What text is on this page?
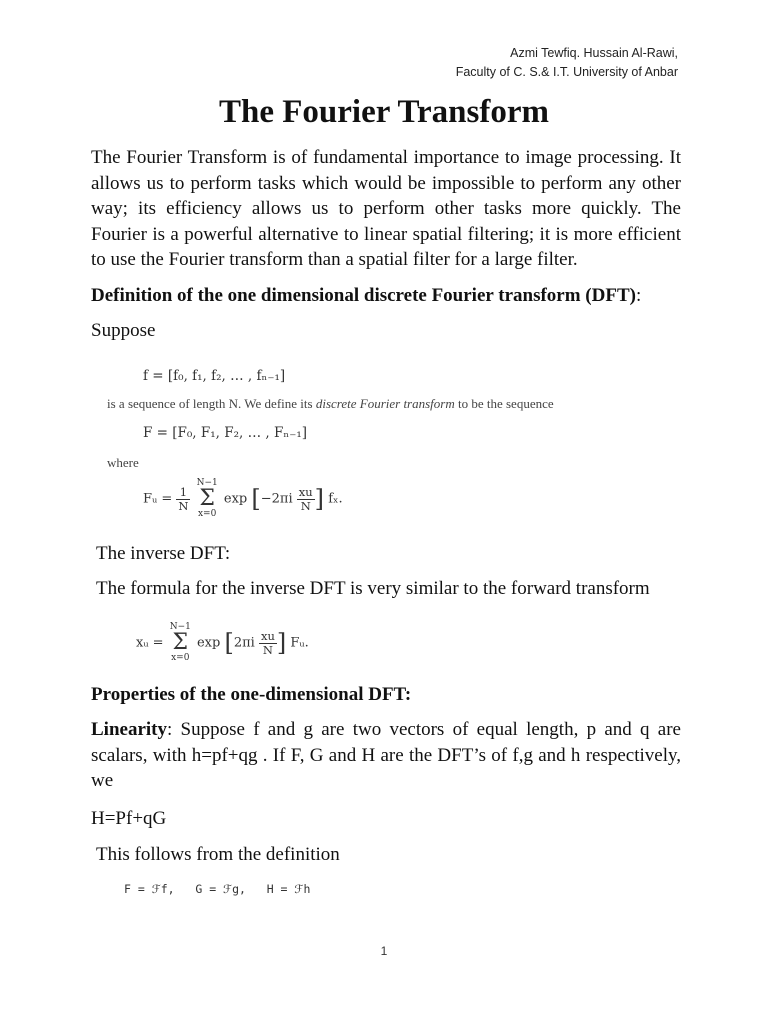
Azmi Tewfiq. Hussain Al-Rawi,
Faculty of C. S.& I.T. University of Anbar
The Fourier Transform

The Fourier Transform is of fundamental importance to image processing. It allows us to perform tasks which would be impossible to perform any other way; its efficiency allows us to perform other tasks more quickly. The Fourier is a powerful alternative to linear spatial filtering; it is more efficient to use the Fourier transform than a spatial filter for a large filter.

Definition of the one dimensional discrete Fourier transform (DFT):

Suppose

f = [f₀, f₁, f₂, … , fₙ₋₁]
is a sequence of length N. We define its discrete Fourier transform to be the sequence
F = [F₀, F₁, F₂, … , Fₙ₋₁]
where
Fᵤ = $\frac{1}{N}$
N−1
Σ
x=0 $\exp [-2\pi i \frac{xu}{N}$ ] fₓ.

The inverse DFT:

The formula for the inverse DFT is very similar to the forward transform

xᵤ = N−1
Σ
x=0 $\exp [2\pi i \frac{xu}{N}$ ] Fᵤ.

Properties of the one-dimensional DFT:

Linearity: Suppose f and g are two vectors of equal length, p and q are scalars, with h=pf+qg . If F, G and H are the DFT’s of f,g and h respectively, we

H=Pf+qG

This follows from the definition

F = ℱf,   G = ℱg,   H = ℱh
1
